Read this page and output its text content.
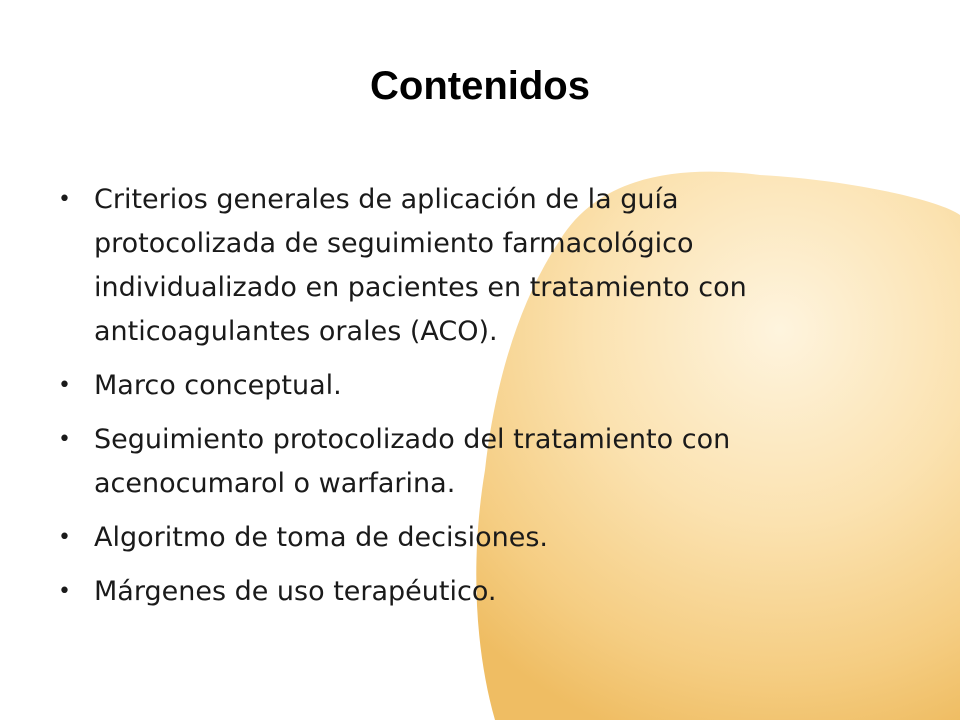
Contenidos
• Criterios generales de aplicación de la guía protocolizada de seguimiento farmacológico individualizado en pacientes en tratamiento con anticoagulantes orales (ACO).
• Marco conceptual.
• Seguimiento protocolizado del tratamiento con acenocumarol o warfarina.
• Algoritmo de toma de decisiones.
• Márgenes de uso terapéutico.
